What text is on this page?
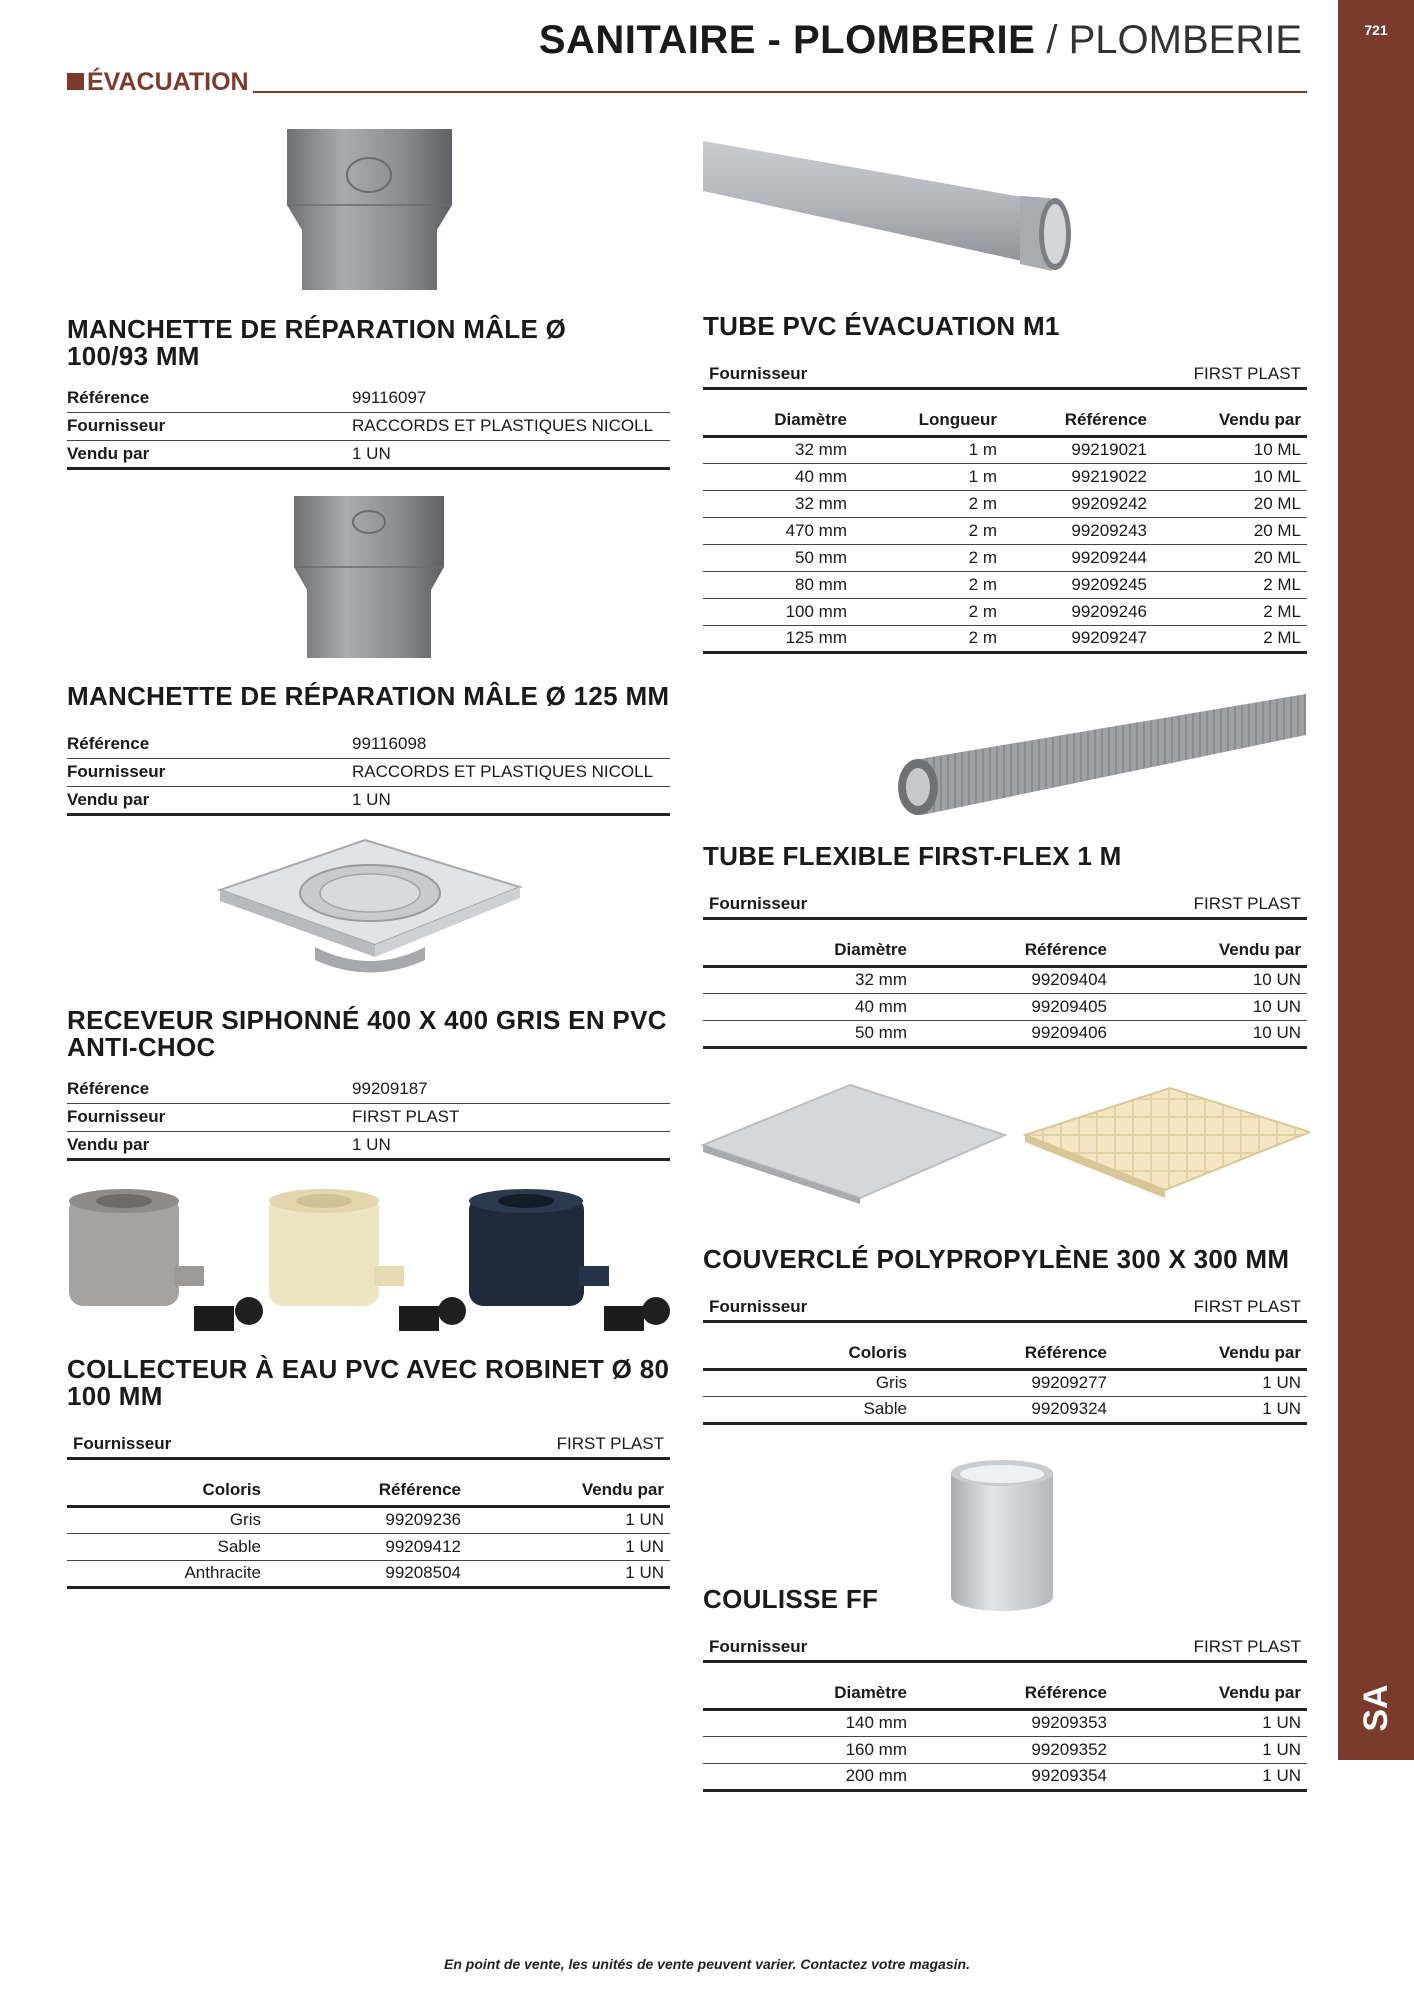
SANITAIRE - PLOMBERIE / PLOMBERIE	721
SA
ÉVACUATION
MANCHETTE DE RÉPARATION MÂLE Ø 100/93 MM
Référence	99116097
Fournisseur	RACCORDS ET PLASTIQUES NICOLL
Vendu par	1 UN
MANCHETTE DE RÉPARATION MÂLE Ø 125 MM
Référence	99116098
Fournisseur	RACCORDS ET PLASTIQUES NICOLL
Vendu par	1 UN
RECEVEUR SIPHONNÉ 400 X 400 GRIS EN PVC ANTI-CHOC
Référence	99209187
Fournisseur	FIRST PLAST
Vendu par	1 UN
COLLECTEUR À EAU PVC AVEC ROBINET Ø 80 100 MM
Fournisseur	FIRST PLAST
Coloris	Référence	Vendu par
Gris	99209236	1 UN
Sable	99209412	1 UN
Anthracite	99208504	1 UN
TUBE PVC ÉVACUATION M1
Fournisseur	FIRST PLAST
Diamètre	Longueur	Référence	Vendu par
32 mm	1 m	99219021	10 ML
40 mm	1 m	99219022	10 ML
32 mm	2 m	99209242	20 ML
470 mm	2 m	99209243	20 ML
50 mm	2 m	99209244	20 ML
80 mm	2 m	99209245	2 ML
100 mm	2 m	99209246	2 ML
125 mm	2 m	99209247	2 ML
TUBE FLEXIBLE FIRST-FLEX 1 M
Fournisseur	FIRST PLAST
Diamètre	Référence	Vendu par
32 mm	99209404	10 UN
40 mm	99209405	10 UN
50 mm	99209406	10 UN
COUVERCLÉ POLYPROPYLÈNE 300 X 300 MM
Fournisseur	FIRST PLAST
Coloris	Référence	Vendu par
Gris	99209277	1 UN
Sable	99209324	1 UN
COULISSE FF
Fournisseur	FIRST PLAST
Diamètre	Référence	Vendu par
140 mm	99209353	1 UN
160 mm	99209352	1 UN
200 mm	99209354	1 UN
En point de vente, les unités de vente peuvent varier. Contactez votre magasin.
